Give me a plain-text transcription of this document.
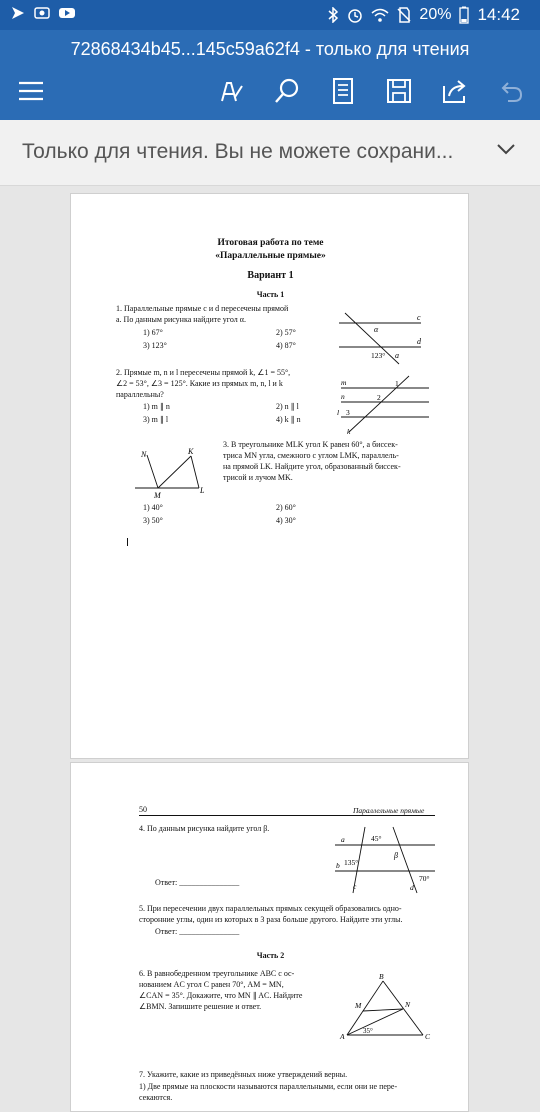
20% 14:42
72868434b45...145c59a62f4 - только для чтения
Только для чтения. Вы не можете сохрани...
Итоговая работа по теме
«Параллельные прямые»
Вариант 1
Часть 1
1. Параллельные прямые c и d пересечены прямой
a. По данным рисунка найдите угол α.
1) 67°	2) 57°
3) 123°	4) 87°
c
d
α
a
123°
2. Прямые m, n и l пересечены прямой k, ∠1 = 55°,
∠2 = 53°, ∠3 = 125°. Какие из прямых m, n, l и k
параллельны?
1) m ∥ n	2) n ∥ l
3) m ∥ l	4) k ∥ n
m
n
l
k
1
2
3
N	K
M
L
3. В треугольнике MLK угол K равен 60°, а биссек-
триса MN угла, смежного с углом LMK, параллель-
на прямой LK. Найдите угол, образованный биссек-
трисой и лучом MK.
1) 40°	2) 60°
3) 50°	4) 30°
50	Параллельные прямые
4. По данным рисунка найдите угол β.
Ответ: _______________
a
b
c	d
45°
135°
β
70°
5. При пересечении двух параллельных прямых секущей образовались одно-
сторонние углы, один из которых в 3 раза больше другого. Найдите эти углы.
Ответ: _______________
Часть 2
6. В равнобедренном треугольнике ABC с ос-
нованием AC угол C равен 70°, AM = MN,
∠CAN = 35°. Докажите, что MN ∥ AC. Найдите
∠BMN. Запишите решение и ответ.
B
M	N
A	C
35°
7. Укажите, какие из приведённых ниже утверждений верны.
1) Две прямые на плоскости называются параллельными, если они не пере-
секаются.
